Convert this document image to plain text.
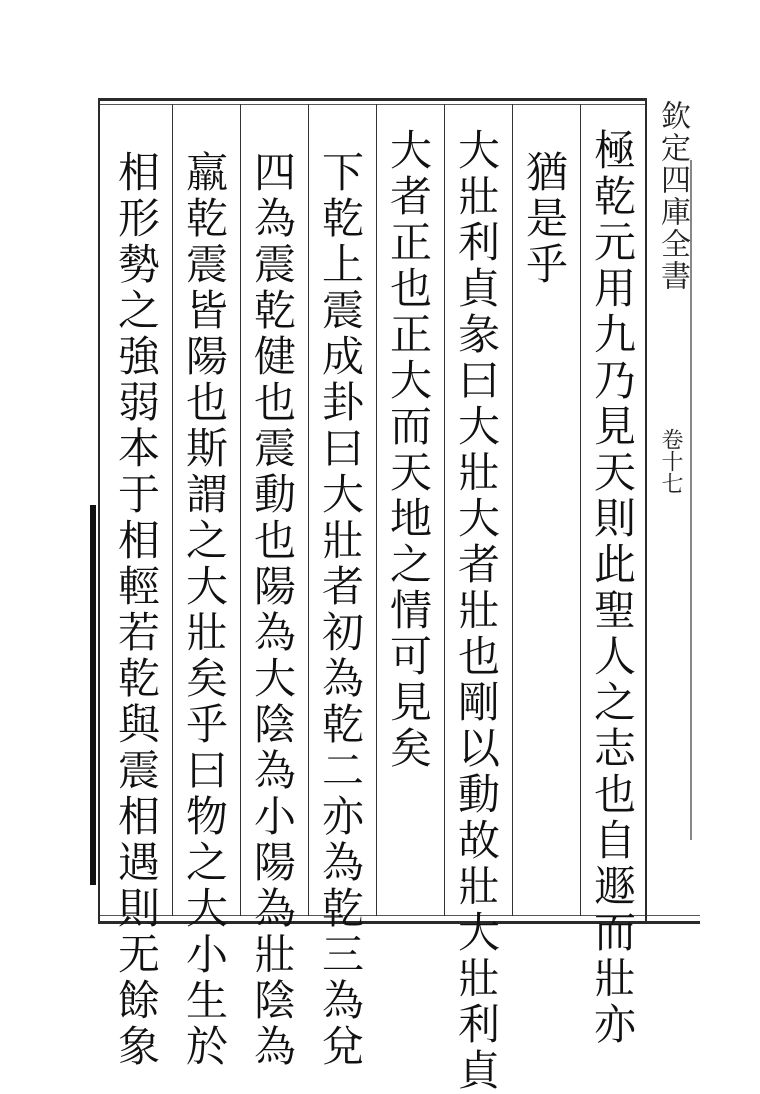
欽定四庫全書
卷十七
極乾元用九乃見天則此聖人之志也自遯而壯亦
猶是乎
大壯利貞彖曰大壯大者壯也剛以動故壯大壯利貞
大者正也正大而天地之情可見矣
下乾上震成卦曰大壯者初為乾二亦為乾三為兌
四為震乾健也震動也陽為大陰為小陽為壯陰為
羸乾震皆陽也斯謂之大壯矣乎曰物之大小生於
相形勢之強弱本于相輕若乾與震相遇則无餘象
